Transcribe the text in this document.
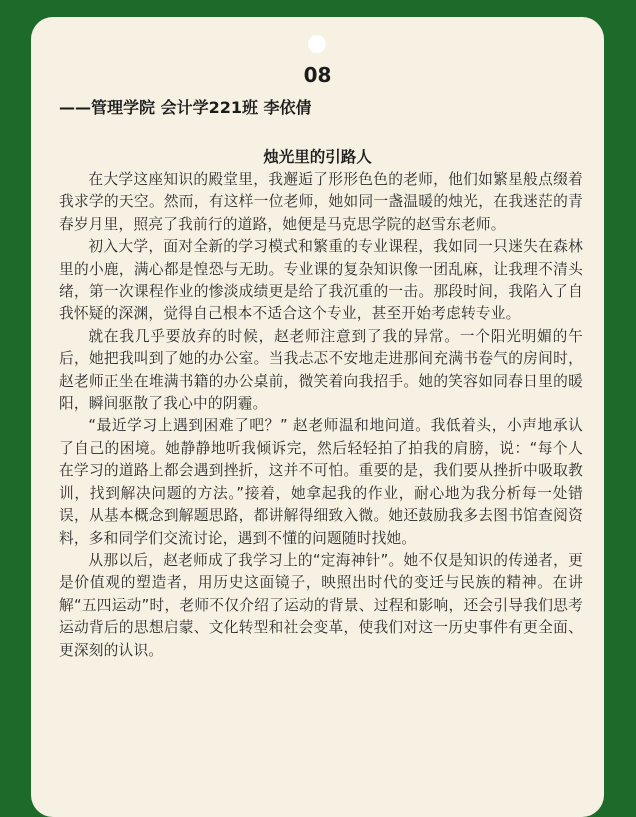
08
——管理学院 会计学221班 李依倩
烛光里的引路人

在大学这座知识的殿堂里，我邂逅了形形色色的老师，他们如繁星般点缀着我求学的天空。然而，有这样一位老师，她如同一盏温暖的烛光，在我迷茫的青春岁月里，照亮了我前行的道路，她便是马克思学院的赵雪东老师。

初入大学，面对全新的学习模式和繁重的专业课程，我如同一只迷失在森林里的小鹿，满心都是惶恐与无助。专业课的复杂知识像一团乱麻，让我理不清头绪，第一次课程作业的惨淡成绩更是给了我沉重的一击。那段时间，我陷入了自我怀疑的深渊，觉得自己根本不适合这个专业，甚至开始考虑转专业。

就在我几乎要放弃的时候，赵老师注意到了我的异常。一个阳光明媚的午后，她把我叫到了她的办公室。当我忐忑不安地走进那间充满书卷气的房间时，赵老师正坐在堆满书籍的办公桌前，微笑着向我招手。她的笑容如同春日里的暖阳，瞬间驱散了我心中的阴霾。

“最近学习上遇到困难了吧？” 赵老师温和地问道。我低着头，小声地承认了自己的困境。她静静地听我倾诉完，然后轻轻拍了拍我的肩膀，说：“每个人在学习的道路上都会遇到挫折，这并不可怕。重要的是，我们要从挫折中吸取教训，找到解决问题的方法。”接着，她拿起我的作业，耐心地为我分析每一处错误，从基本概念到解题思路，都讲解得细致入微。她还鼓励我多去图书馆查阅资料，多和同学们交流讨论，遇到不懂的问题随时找她。

从那以后，赵老师成了我学习上的“定海神针”。她不仅是知识的传递者，更是价值观的塑造者，用历史这面镜子，映照出时代的变迁与民族的精神。在讲解“五四运动”时，老师不仅介绍了运动的背景、过程和影响，还会引导我们思考运动背后的思想启蒙、文化转型和社会变革，使我们对这一历史事件有更全面、更深刻的认识。
